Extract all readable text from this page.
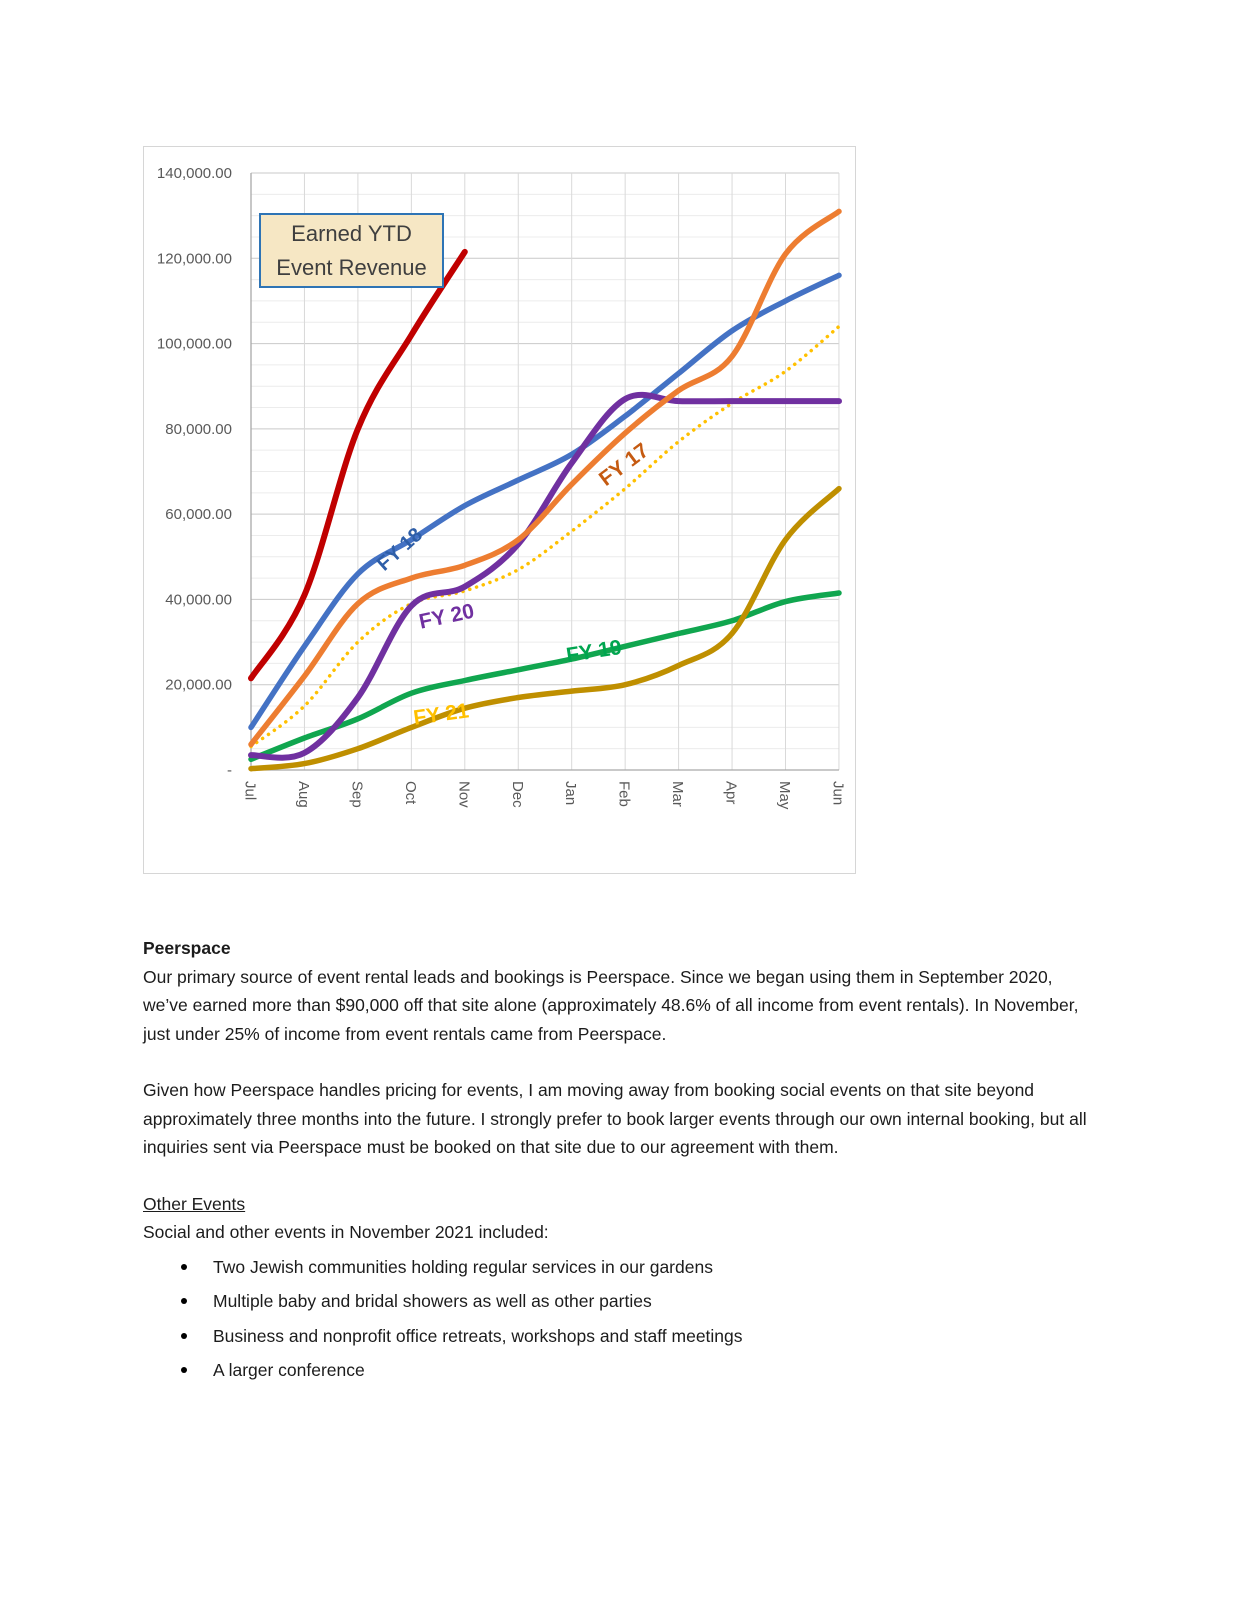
FY 18
FY 20
FY 17
FY 19
FY 21
-
20,000.00
40,000.00
60,000.00
80,000.00
100,000.00
120,000.00
140,000.00
Jul Aug Sep Oct Nov Dec Jan Feb Mar Apr May Jun
Earned YTD
Event Revenue
Peerspace

Our primary source of event rental leads and bookings is Peerspace. Since we began using them in September 2020, we’ve earned more than $90,000 off that site alone (approximately 48.6% of all income from event rentals). In November, just under 25% of income from event rentals came from Peerspace.

Given how Peerspace handles pricing for events, I am moving away from booking social events on that site beyond approximately three months into the future. I strongly prefer to book larger events through our own internal booking, but all inquiries sent via Peerspace must be booked on that site due to our agreement with them.

Other Events

Social and other events in November 2021 included:

Two Jewish communities holding regular services in our gardens
Multiple baby and bridal showers as well as other parties
Business and nonprofit office retreats, workshops and staff meetings
A larger conference
